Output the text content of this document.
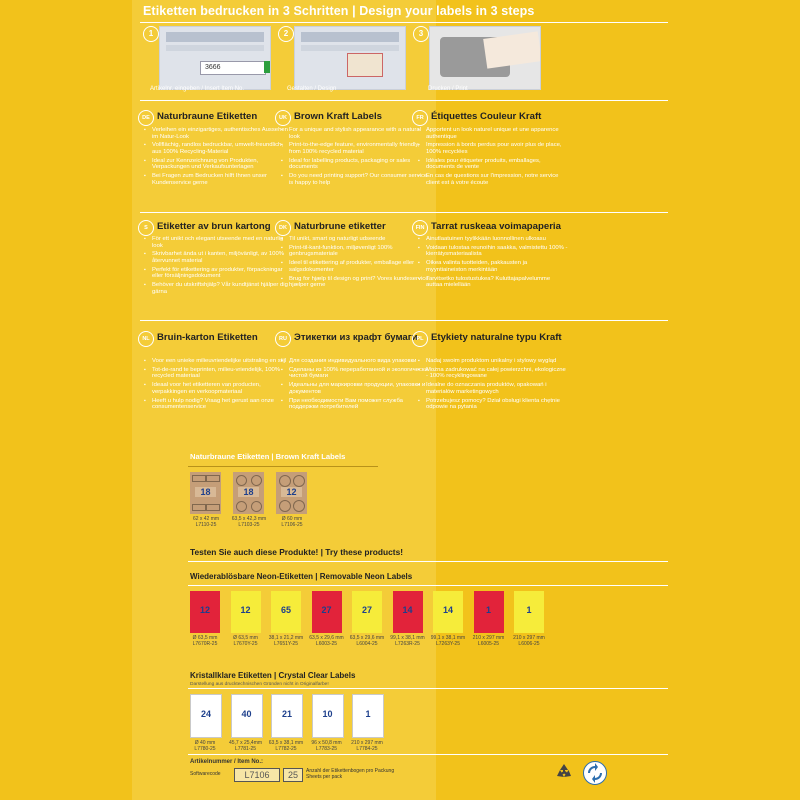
Etiketten bedrucken in 3 Schritten | Design your labels in 3 steps
3666
1	2	3
Artikelnr. eingeben / Insert Item No.	Gestalten / Design	Drucken / Print
DE Naturbraune Etiketten
▪ Verleihen ein einzigartiges, authentisches Aussehen im Natur-Look
▪ Vollflächig, randlos bedruckbar, umwelt-freundlich, aus 100% Recycling-Material
▪ Ideal zur Kennzeichnung von Produkten, Verpackungen und Verkaufsunterlagen
▪ Bei Fragen zum Bedrucken hilft Ihnen unser Kundenservice gerne
UK Brown Kraft Labels
▪ For a unique and stylish appearance with a natural look
▪ Print-to-the-edge feature, environmentally friendly, from 100% recycled material
▪ Ideal for labelling products, packaging or sales documents
▪ Do you need printing support? Our consumer service is happy to help
FR Étiquettes Couleur Kraft
▪ Apportent un look naturel unique et une apparence authentique
▪ Impression à bords perdus pour avoir plus de place, 100% recyclées
▪ Idéales pour étiqueter produits, emballages, documents de vente
▪ En cas de questions sur l'impression, notre service client est à votre écoute
S Etiketter av brun kartong
▪ För ett unikt och elegant utseende med en naturlig look
▪ Skrivbarhet ända ut i kanten, miljövänligt, av 100% återvunnet material
▪ Perfekt för etikettering av produkter, förpackningar eller försäljningsdokument
▪ Behöver du utskriftshjälp? Vår kundtjänst hjälper dig gärna
DK Naturbrune etiketter
▪ Til unikt, smart og naturligt udseende
▪ Print-til-kant-funktion, miljøvenligt 100% genbrugsmateriale
▪ Ideel til etikettering af produkter, emballage eller salgsdokumenter
▪ Brug for hjælp til design og print? Vores kundeservice hjælper gerne
FIN Tarrat ruskeaa voimapaperia
▪ Ainutlaatuinen tyylikkään luonnollinen ulkoasu
▪ Voidaan tulostaa reunoihin saakka, valmistettu 100% -kierrätysmateriaalista
▪ Oikea valinta tuotteiden, pakkausten ja myyntiaineiston merkintään
▪ Tarvitsetko tulostustukea? Kuluttajapalvelumme auttaa mielellään
NL Bruin-karton Etiketten
▪ Voor een unieke milieuvriendelijke uitstraling en stijl
▪ Tot-de-rand te beprinten, milieu-vriendelijk, 100% recycled materiaal
▪ Ideaal voor het etiketteren van producten, verpakkingen en verkoopmateriaal
▪ Heeft u hulp nodig? Vraag het gerust aan onze consumentenservice
RU Этикетки из крафт бумаги
▪ Для создания индивидуального вида упаковки
▪ Сделаны из 100% переработанной и экологически чистой бумаги
▪ Идеальны для маркировки продукции, упаковки и документов
▪ При необходимости Вам поможет служба поддержки потребителей
PL Etykiety naturalne typu Kraft
▪ Nadaj swoim produktom unikalny i stylowy wygląd
▪ Można zadrukować na całej powierzchni, ekologiczne - 100% recyklingowane
▪ Idealne do oznaczania produktów, opakowań i materiałów marketingowych
▪ Potrzebujesz pomocy? Dział obsługi klienta chętnie odpowie na pytania
Naturbraune Etiketten | Brown Kraft Labels
18
62 x 42 mm
L7110-25
18
63,5 x 42,3 mm
L7103-25
12
Ø 60 mm
L7106-25
Testen Sie auch diese Produkte! | Try these products!
Wiederablösbare Neon-Etiketten | Removable Neon Labels
12
Ø 63,5 mm
L7670R-25
12
Ø 63,5 mm
L7670Y-25
65
38,1 x 21,2 mm
L7651Y-25
27
63,5 x 29,6 mm
L6003-25
27
63,5 x 29,6 mm
L6004-25
14
99,1 x 38,1 mm
L7263R-25
14
99,1 x 38,1 mm
L7263Y-25
1
210 x 297 mm
L6005-25
1
210 x 297 mm
L6006-25
Darstellung aus drucktechnischen Gründen nicht in Originalfarbe!
Kristallklare Etiketten | Crystal Clear Labels
24
Ø 40 mm
L7780-25
40
45,7 x 25,4mm
L7781-25
21
63,5 x 38,1 mm
L7782-25
10
96 x 50,8 mm
L7783-25
1
210 x 297 mm
L7784-25
Artikelnummer / Item No.:
Softwarecode	L7106	25	Anzahl der Etikettenbogen pro Packung
Sheets per pack
